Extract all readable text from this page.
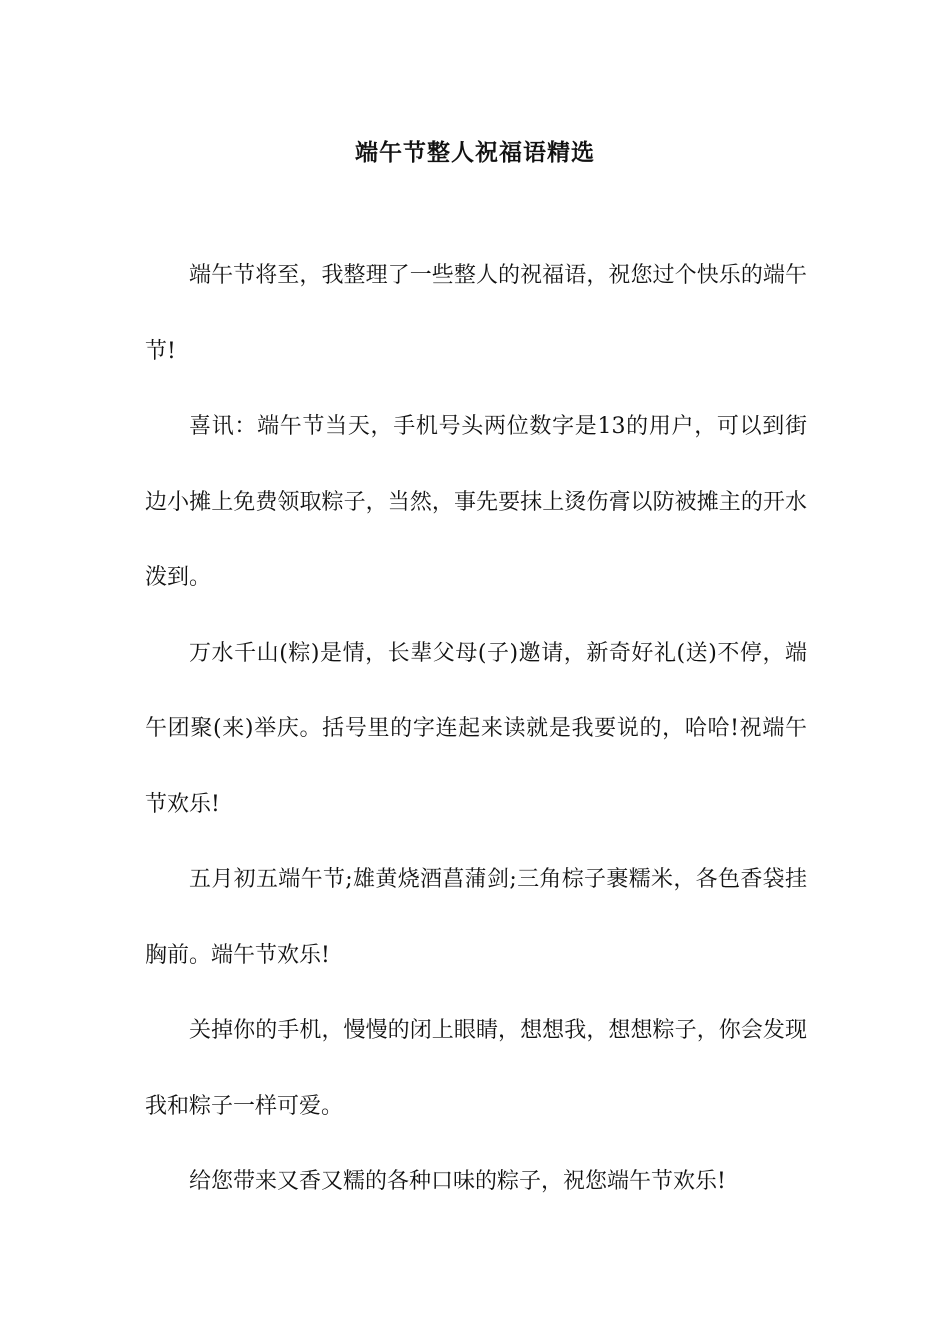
端午节整人祝福语精选

端午节将至，我整理了一些整人的祝福语，祝您过个快乐的端午节!

喜讯：端午节当天，手机号头两位数字是13的用户，可以到街边小摊上免费领取粽子，当然，事先要抹上烫伤膏以防被摊主的开水泼到。

万水千山(粽)是情，长辈父母(子)邀请，新奇好礼(送)不停，端午团聚(来)举庆。括号里的字连起来读就是我要说的，哈哈!祝端午节欢乐!

五月初五端午节;雄黄烧酒菖蒲剑;三角棕子裹糯米，各色香袋挂胸前。端午节欢乐!

关掉你的手机，慢慢的闭上眼睛，想想我，想想粽子，你会发现我和粽子一样可爱。

给您带来又香又糯的各种口味的粽子，祝您端午节欢乐!
